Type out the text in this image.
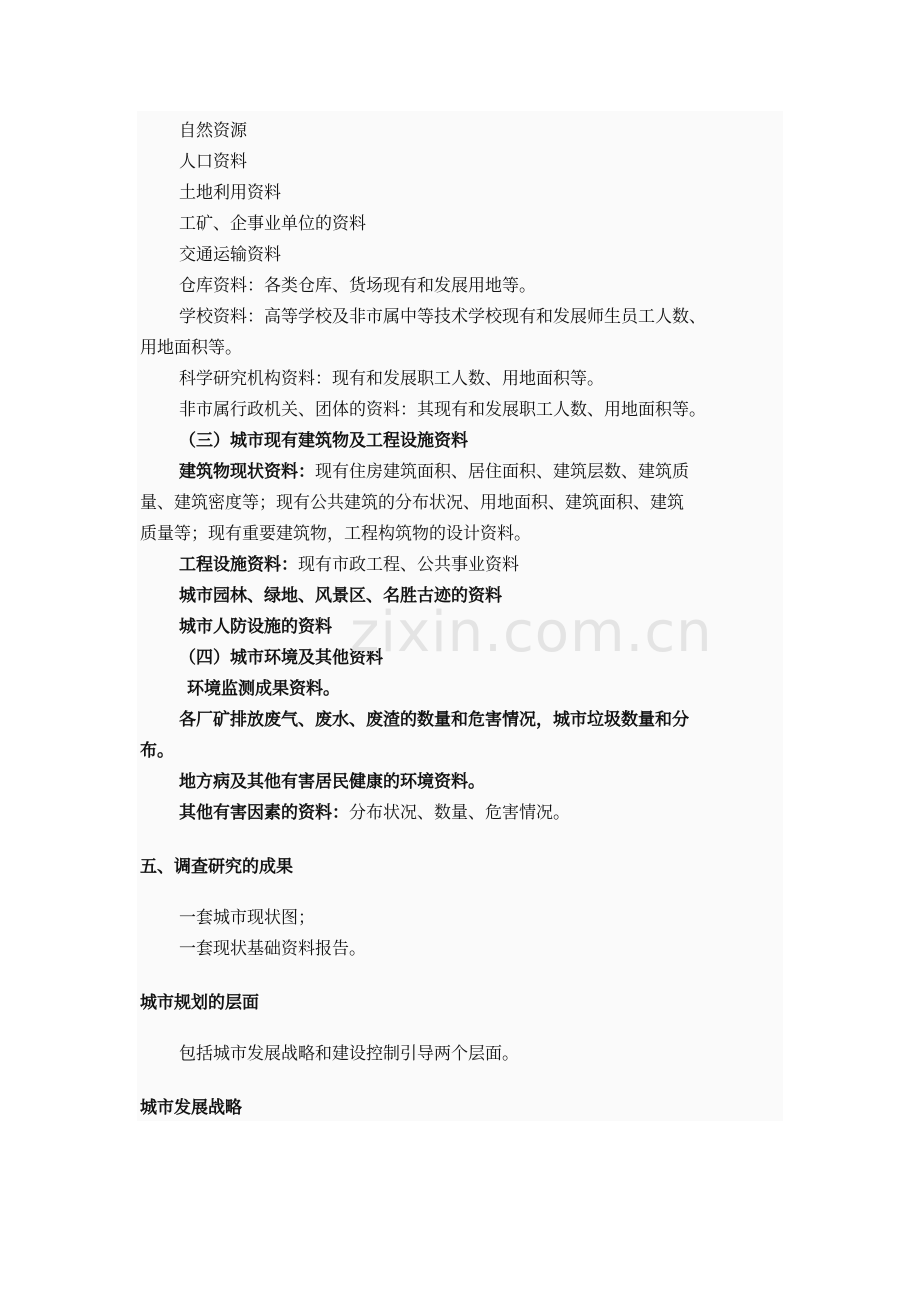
自然资源
人口资料
土地利用资料
工矿、企事业单位的资料
交通运输资料
仓库资料：各类仓库、货场现有和发展用地等。
学校资料：高等学校及非市属中等技术学校现有和发展师生员工人数、
用地面积等。
科学研究机构资料：现有和发展职工人数、用地面积等。
非市属行政机关、团体的资料：其现有和发展职工人数、用地面积等。
（三）城市现有建筑物及工程设施资料
建筑物现状资料：现有住房建筑面积、居住面积、建筑层数、建筑质
量、建筑密度等；现有公共建筑的分布状况、用地面积、建筑面积、建筑
质量等；现有重要建筑物，工程构筑物的设计资料。
工程设施资料：现有市政工程、公共事业资料
城市园林、绿地、风景区、名胜古迹的资料
城市人防设施的资料
（四）城市环境及其他资料
环境监测成果资料。
各厂矿排放废气、废水、废渣的数量和危害情况，城市垃圾数量和分
布。
地方病及其他有害居民健康的环境资料。
其他有害因素的资料：分布状况、数量、危害情况。
五、调查研究的成果
一套城市现状图；
一套现状基础资料报告。
城市规划的层面
包括城市发展战略和建设控制引导两个层面。
城市发展战略
zixin.com.cn
